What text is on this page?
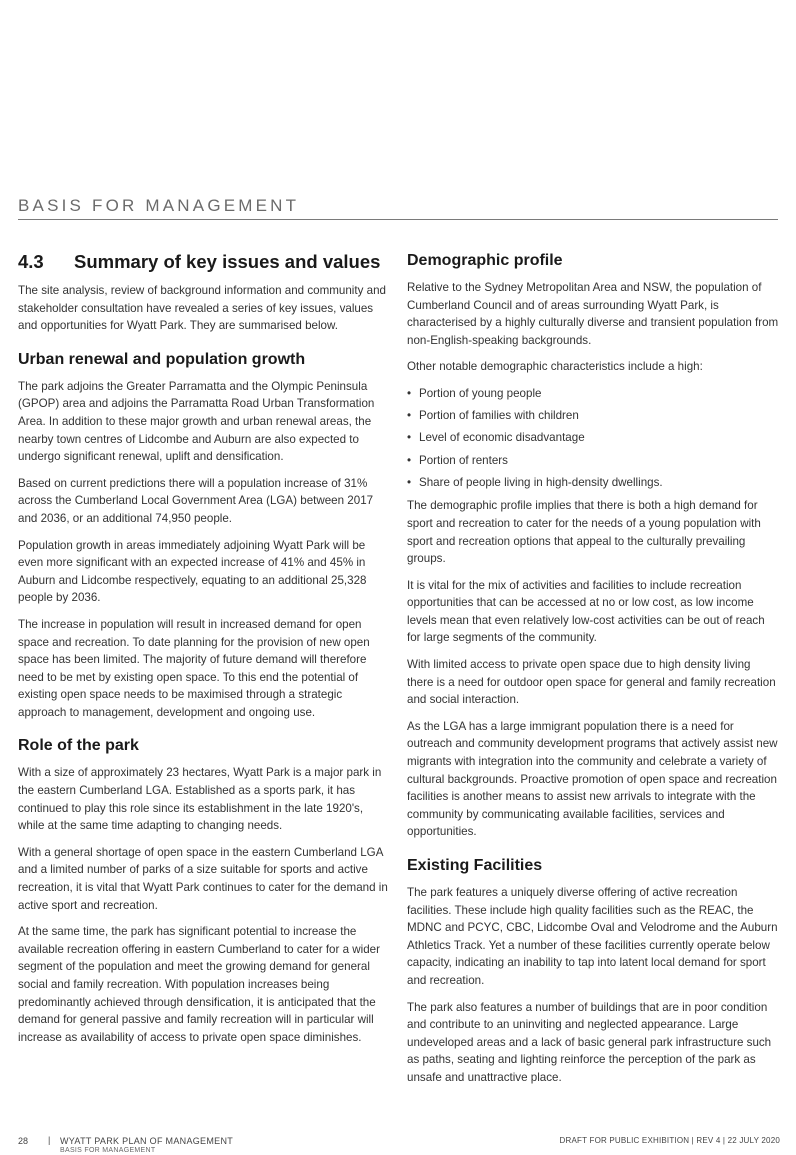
BASIS FOR MANAGEMENT
4.3 Summary of key issues and values

The site analysis, review of background information and community and stakeholder consultation have revealed a series of key issues, values and opportunities for Wyatt Park. They are summarised below.

Urban renewal and population growth

The park adjoins the Greater Parramatta and the Olympic Peninsula (GPOP) area and adjoins the Parramatta Road Urban Transformation Area. In addition to these major growth and urban renewal areas, the nearby town centres of Lidcombe and Auburn are also expected to undergo significant renewal, uplift and densification.

Based on current predictions there will a population increase of 31% across the Cumberland Local Government Area (LGA) between 2017 and 2036, or an additional 74,950 people.

Population growth in areas immediately adjoining Wyatt Park will be even more significant with an expected increase of 41% and 45% in Auburn and Lidcombe respectively, equating to an additional 25,328 people by 2036.

The increase in population will result in increased demand for open space and recreation. To date planning for the provision of new open space has been limited. The majority of future demand will therefore need to be met by existing open space. To this end the potential of existing open space needs to be maximised through a strategic approach to management, development and ongoing use.

Role of the park

With a size of approximately 23 hectares, Wyatt Park is a major park in the eastern Cumberland LGA. Established as a sports park, it has continued to play this role since its establishment in the late 1920's, while at the same time adapting to changing needs.

With a general shortage of open space in the eastern Cumberland LGA and a limited number of parks of a size suitable for sports and active recreation, it is vital that Wyatt Park continues to cater for the demand in active sport and recreation.

At the same time, the park has significant potential to increase the available recreation offering in eastern Cumberland to cater for a wider segment of the population and meet the growing demand for general social and family recreation. With population increases being predominantly achieved through densification, it is anticipated that the demand for general passive and family recreation will in particular will increase as availability of access to private open space diminishes.

Demographic profile

Relative to the Sydney Metropolitan Area and NSW, the population of Cumberland Council and of areas surrounding Wyatt Park, is characterised by a highly culturally diverse and transient population from non-English-speaking backgrounds.

Other notable demographic characteristics include a high:

• Portion of young people
• Portion of families with children
• Level of economic disadvantage
• Portion of renters
• Share of people living in high-density dwellings.

The demographic profile implies that there is both a high demand for sport and recreation to cater for the needs of a young population with sport and recreation options that appeal to the culturally prevailing groups.

It is vital for the mix of activities and facilities to include recreation opportunities that can be accessed at no or low cost, as low income levels mean that even relatively low-cost activities can be out of reach for large segments of the community.

With limited access to private open space due to high density living there is a need for outdoor open space for general and family recreation and social interaction.

As the LGA has a large immigrant population there is a need for outreach and community development programs that actively assist new migrants with integration into the community and celebrate a variety of cultural backgrounds. Proactive promotion of open space and recreation facilities is another means to assist new arrivals to integrate with the community by communicating available facilities, services and opportunities.

Existing Facilities

The park features a uniquely diverse offering of active recreation facilities. These include high quality facilities such as the REAC, the MDNC and PCYC, CBC, Lidcombe Oval and Velodrome and the Auburn Athletics Track. Yet a number of these facilities currently operate below capacity, indicating an inability to tap into latent local demand for sport and recreation.

The park also features a number of buildings that are in poor condition and contribute to an uninviting and neglected appearance. Large undeveloped areas and a lack of basic general park infrastructure such as paths, seating and lighting reinforce the perception of the park as unsafe and unattractive place.

28 | WYATT PARK PLAN OF MANAGEMENT
BASIS FOR MANAGEMENT
DRAFT FOR PUBLIC EXHIBITION | REV 4 | 22 JULY 2020
